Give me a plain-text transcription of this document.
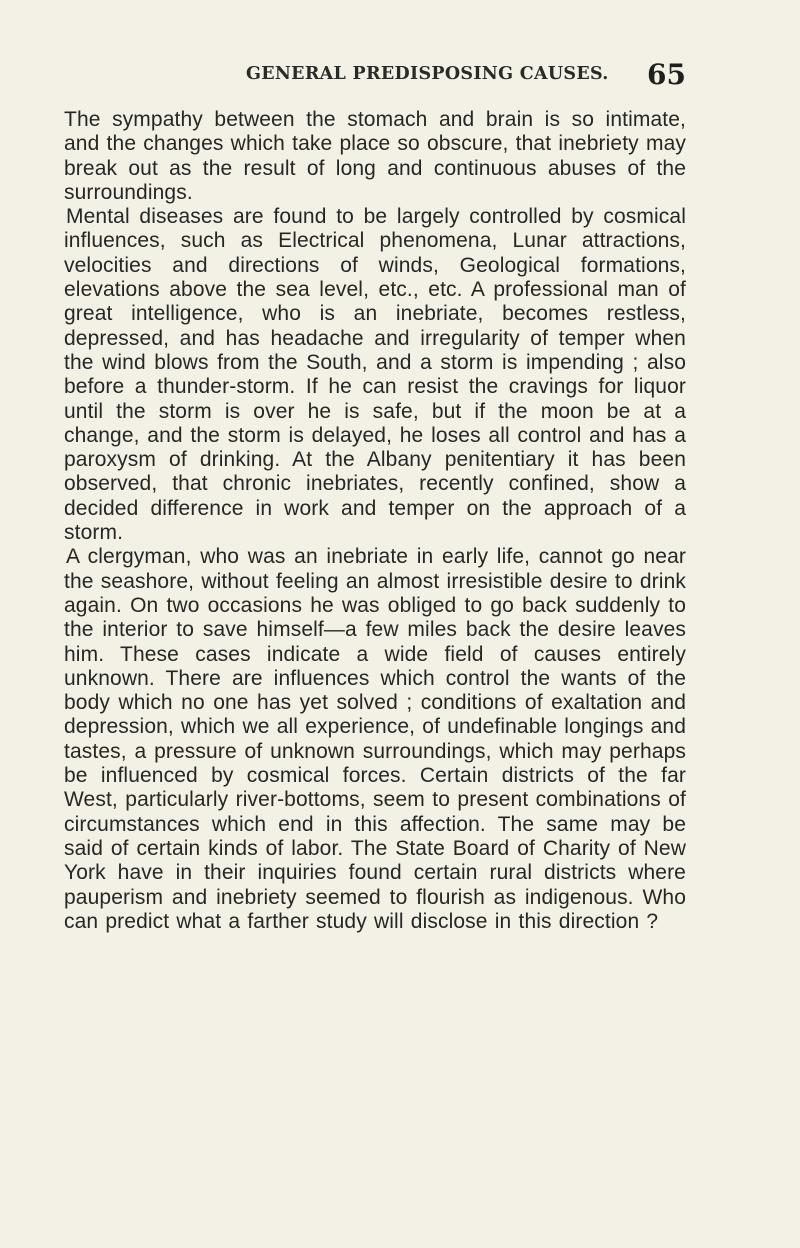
GENERAL PREDISPOSING CAUSES. 65

The sympathy between the stomach and brain is so intimate, and the changes which take place so obscure, that inebriety may break out as the result of long and continuous abuses of the surroundings.

Mental diseases are found to be largely controlled by cosmical influences, such as Electrical phenomena, Lunar attractions, velocities and directions of winds, Geological formations, elevations above the sea level, etc., etc. A professional man of great intelligence, who is an inebriate, becomes restless, depressed, and has headache and irregularity of temper when the wind blows from the South, and a storm is impending ; also before a thunder-storm. If he can resist the cravings for liquor until the storm is over he is safe, but if the moon be at a change, and the storm is delayed, he loses all control and has a paroxysm of drinking. At the Albany penitentiary it has been observed, that chronic inebriates, recently confined, show a decided difference in work and temper on the approach of a storm.

A clergyman, who was an inebriate in early life, cannot go near the seashore, without feeling an almost irresistible desire to drink again. On two occasions he was obliged to go back suddenly to the interior to save himself—a few miles back the desire leaves him. These cases indicate a wide field of causes entirely unknown. There are influences which control the wants of the body which no one has yet solved ; conditions of exaltation and depression, which we all experience, of undefinable longings and tastes, a pressure of unknown surroundings, which may perhaps be influenced by cosmical forces. Certain districts of the far West, particularly river-bottoms, seem to present combinations of circumstances which end in this affection. The same may be said of certain kinds of labor. The State Board of Charity of New York have in their inquiries found certain rural districts where pauperism and inebriety seemed to flourish as indigenous. Who can predict what a farther study will disclose in this direction ?
